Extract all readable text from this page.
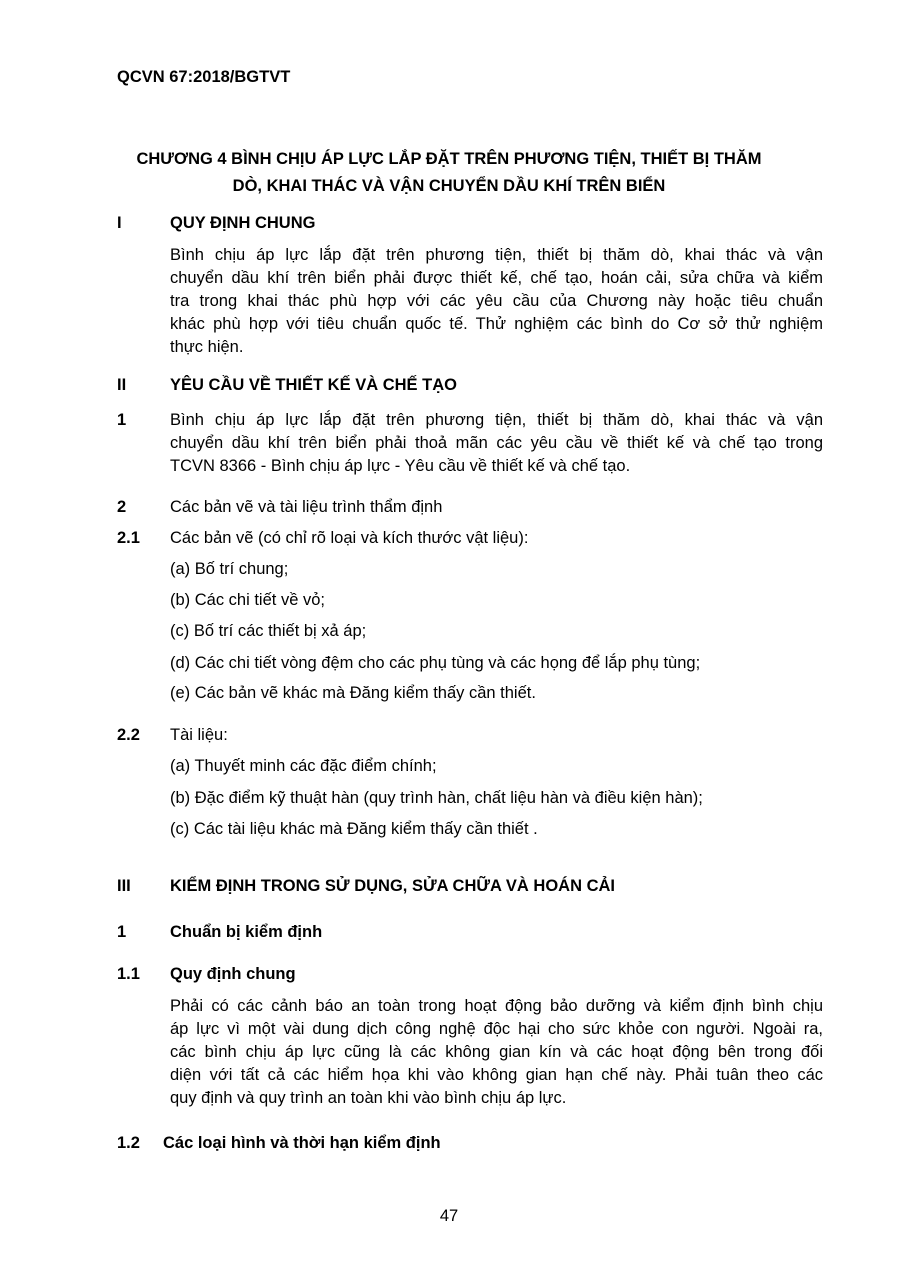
QCVN 67:2018/BGTVT
CHƯƠNG 4 BÌNH CHỊU ÁP LỰC LẮP ĐẶT TRÊN PHƯƠNG TIỆN, THIẾT BỊ THĂM
DÒ, KHAI THÁC VÀ VẬN CHUYỂN DẦU KHÍ TRÊN BIỂN
I	QUY ĐỊNH CHUNG
Bình chịu áp lực lắp đặt trên phương tiện, thiết bị thăm dò, khai thác và vận
chuyển dầu khí trên biển phải được thiết kế, chế tạo, hoán cải, sửa chữa và kiểm
tra trong khai thác phù hợp với các yêu cầu của Chương này hoặc tiêu chuẩn
khác phù hợp với tiêu chuẩn quốc tế. Thử nghiệm các bình do Cơ sở thử nghiệm
thực hiện.
II	YÊU CẦU VỀ THIẾT KẾ VÀ CHẾ TẠO
1	Bình chịu áp lực lắp đặt trên phương tiện, thiết bị thăm dò, khai thác và vận
chuyển dầu khí trên biển phải thoả mãn các yêu cầu về thiết kế và chế tạo trong
TCVN 8366 - Bình chịu áp lực - Yêu cầu về thiết kế và chế tạo.
2	Các bản vẽ và tài liệu trình thẩm định
2.1 Các bản vẽ (có chỉ rõ loại và kích thước vật liệu):
(a) Bố trí chung;
(b) Các chi tiết về vỏ;
(c) Bố trí các thiết bị xả áp;
(d) Các chi tiết vòng đệm cho các phụ tùng và các họng để lắp phụ tùng;
(e) Các bản vẽ khác mà Đăng kiểm thấy cần thiết.
2.2 Tài liệu:
(a) Thuyết minh các đặc điểm chính;
(b) Đặc điểm kỹ thuật hàn (quy trình hàn, chất liệu hàn và điều kiện hàn);
(c) Các tài liệu khác mà Đăng kiểm thấy cần thiết .
III KIỂM ĐỊNH TRONG SỬ DỤNG, SỬA CHỮA VÀ HOÁN CẢI
1	Chuẩn bị kiểm định
1.1 Quy định chung
Phải có các cảnh báo an toàn trong hoạt động bảo dưỡng và kiểm định bình chịu
áp lực vì một vài dung dịch công nghệ độc hại cho sức khỏe con người. Ngoài ra,
các bình chịu áp lực cũng là các không gian kín và các hoạt động bên trong đối
diện với tất cả các hiểm họa khi vào không gian hạn chế này. Phải tuân theo các
quy định và quy trình an toàn khi vào bình chịu áp lực.
1.2 Các loại hình và thời hạn kiểm định
47
